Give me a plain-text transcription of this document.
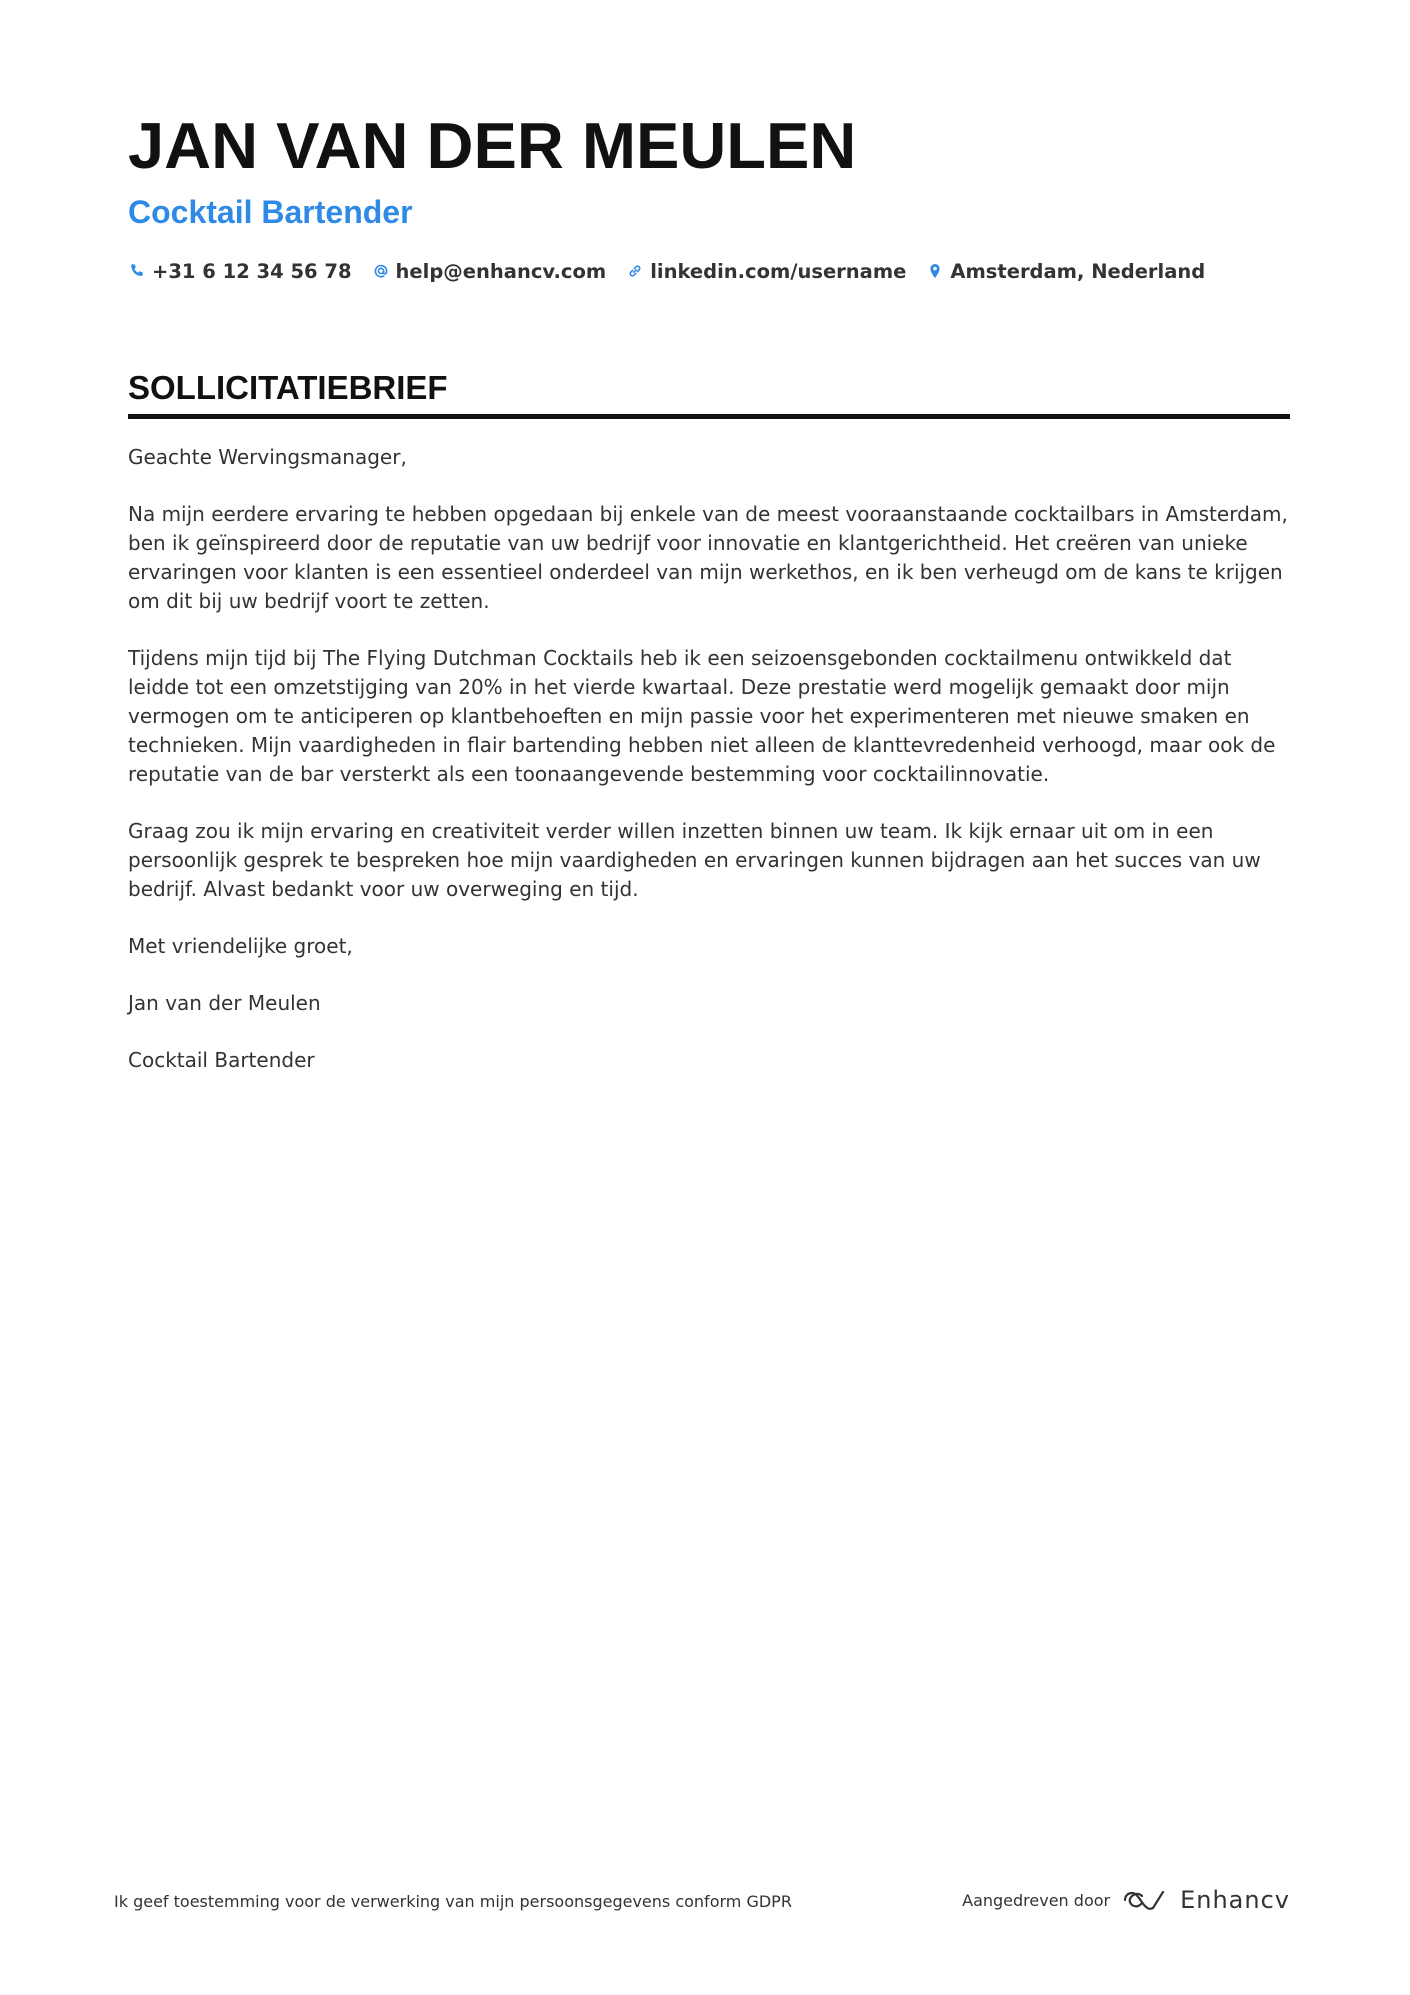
JAN VAN DER MEULEN
Cocktail Bartender
+31 6 12 34 56 78 help@enhancv.com linkedin.com/username Amsterdam, Nederland
SOLLICITATIEBRIEF

Geachte Wervingsmanager,

Na mijn eerdere ervaring te hebben opgedaan bij enkele van de meest vooraanstaande cocktailbars in Amsterdam, ben ik geïnspireerd door de reputatie van uw bedrijf voor innovatie en klantgerichtheid. Het creëren van unieke ervaringen voor klanten is een essentieel onderdeel van mijn werkethos, en ik ben verheugd om de kans te krijgen om dit bij uw bedrijf voort te zetten.

Tijdens mijn tijd bij The Flying Dutchman Cocktails heb ik een seizoensgebonden cocktailmenu ontwikkeld dat leidde tot een omzetstijging van 20% in het vierde kwartaal. Deze prestatie werd mogelijk gemaakt door mijn vermogen om te anticiperen op klantbehoeften en mijn passie voor het experimenteren met nieuwe smaken en technieken. Mijn vaardigheden in flair bartending hebben niet alleen de klanttevredenheid verhoogd, maar ook de reputatie van de bar versterkt als een toonaangevende bestemming voor cocktailinnovatie.

Graag zou ik mijn ervaring en creativiteit verder willen inzetten binnen uw team. Ik kijk ernaar uit om in een persoonlijk gesprek te bespreken hoe mijn vaardigheden en ervaringen kunnen bijdragen aan het succes van uw bedrijf. Alvast bedankt voor uw overweging en tijd.

Met vriendelijke groet,

Jan van der Meulen

Cocktail Bartender

Ik geef toestemming voor de verwerking van mijn persoonsgegevens conform GDPR	Aangedreven door	Enhancv
